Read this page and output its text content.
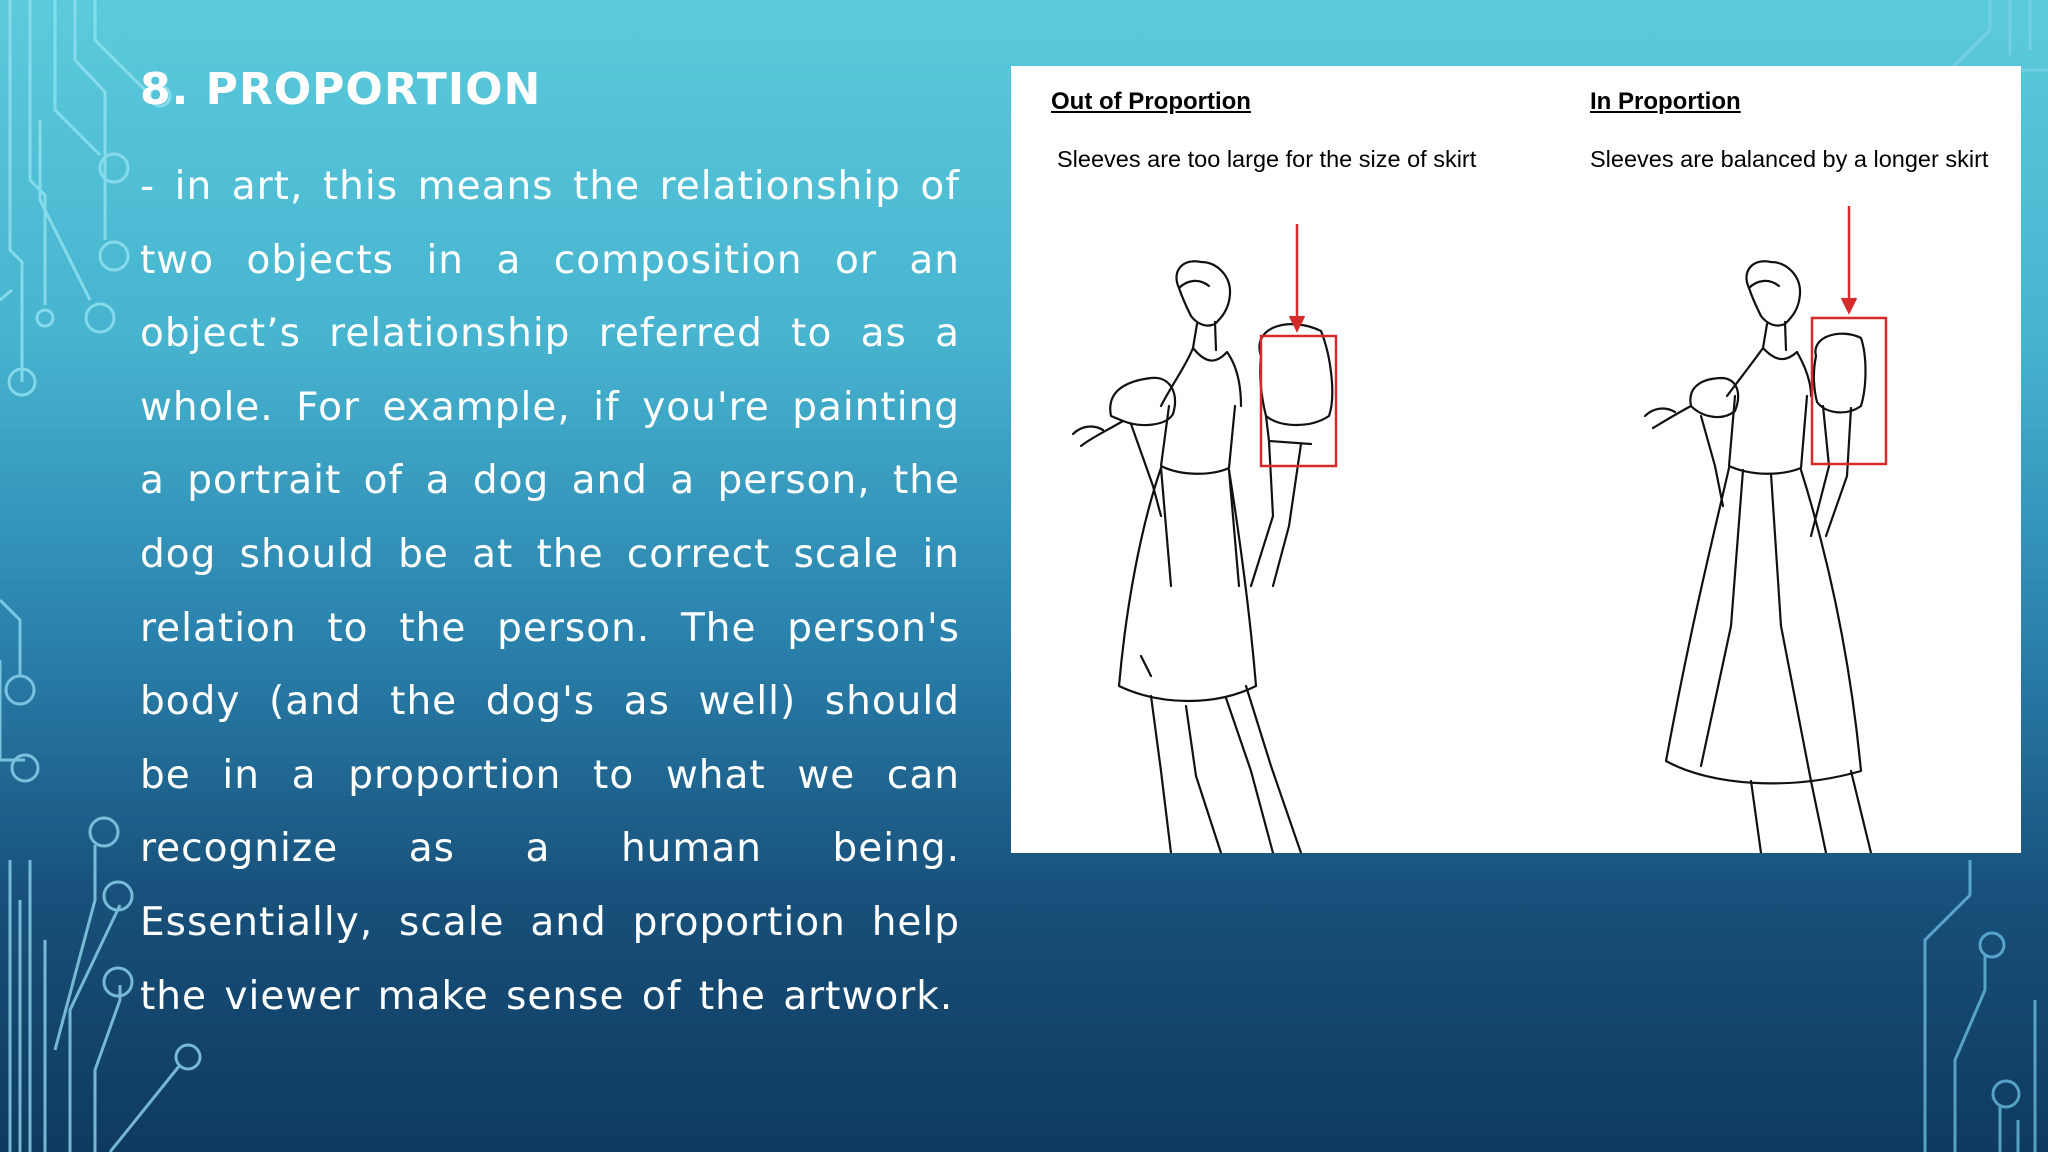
8. PROPORTION

- in art, this means the relationship of two objects in a composition or an object’s relationship referred to as a whole. For example, if you're painting a portrait of a dog and a person, the dog should be at the correct scale in relation to the person. The person's body (and the dog's as well) should be in a proportion to what we can recognize as a human being. Essentially, scale and proportion help the viewer make sense of the artwork.

Out of Proportion

Sleeves are too large for the size of skirt

In Proportion

Sleeves are balanced by a longer skirt
